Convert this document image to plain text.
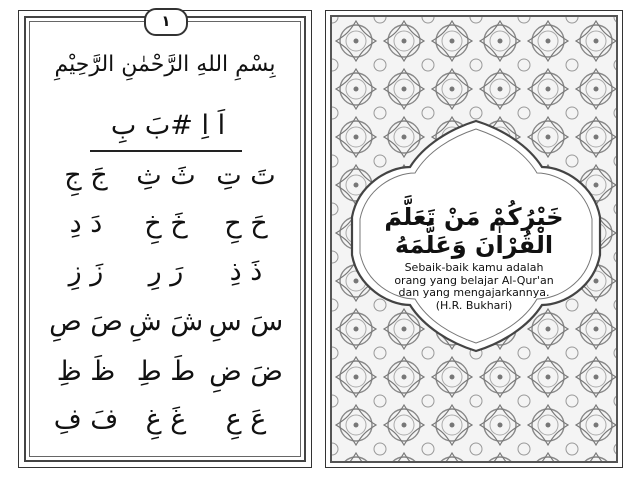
١
بِسْمِ اللهِ الرَّحْمٰنِ الرَّحِيْمِ
اَ اِ #بَ بِ
تَ تِ
ثَ ثِ
جَ جِ
حَ حِ
خَ خِ
دَ دِ
ذَ ذِ
رَ رِ
زَ زِ
سَ سِ
شَ شِ
صَ صِ
ضَ ضِ
طَ طِ
ظَ ظِ
عَ عِ
غَ غِ
فَ فِ
خَيْرُكُمْ مَنْ تَعَلَّمَ الْقُرْاٰنَ وَعَلَّمَهُ
Sebaik-baik kamu adalah
orang yang belajar Al-Qur'an
dan yang mengajarkannya.
(H.R. Bukhari)
